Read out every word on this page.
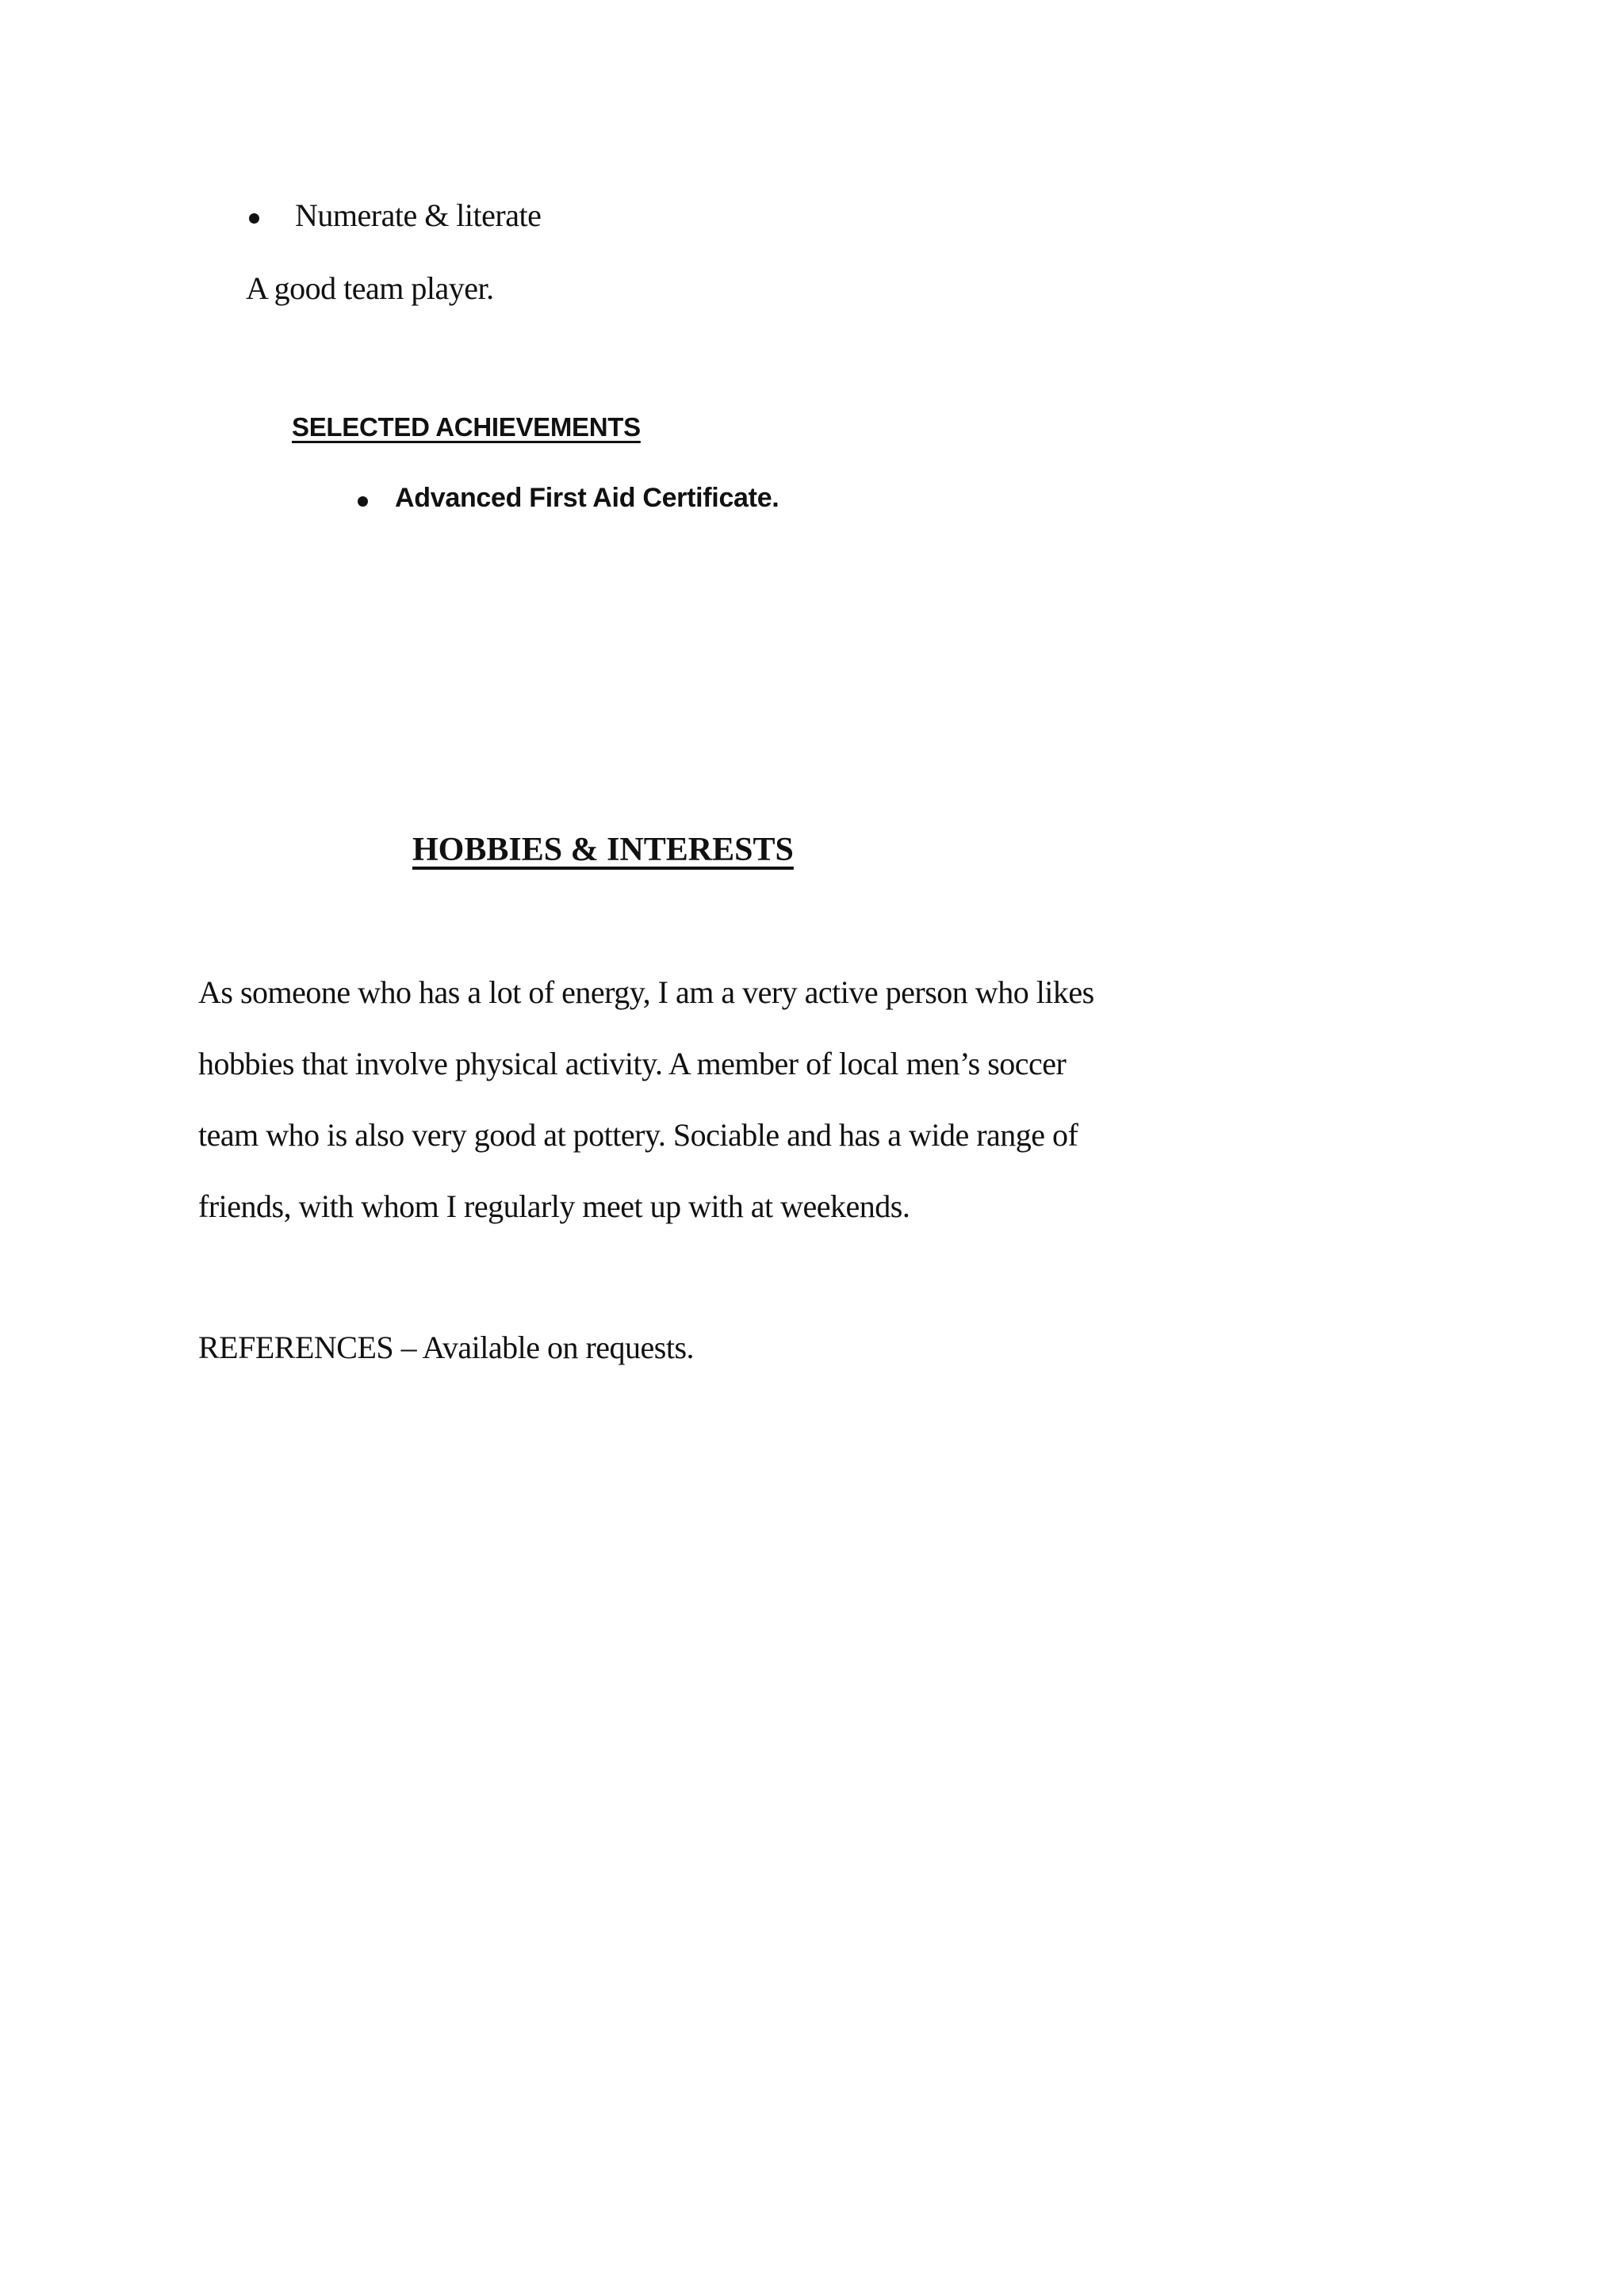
Numerate & literate
A good team player.
SELECTED ACHIEVEMENTS
Advanced First Aid Certificate.
HOBBIES & INTERESTS
As someone who has a lot of energy, I am a very active person who likes
hobbies that involve physical activity. A member of local men’s soccer
team who is also very good at pottery. Sociable and has a wide range of
friends, with whom I regularly meet up with at weekends.
REFERENCES – Available on requests.
